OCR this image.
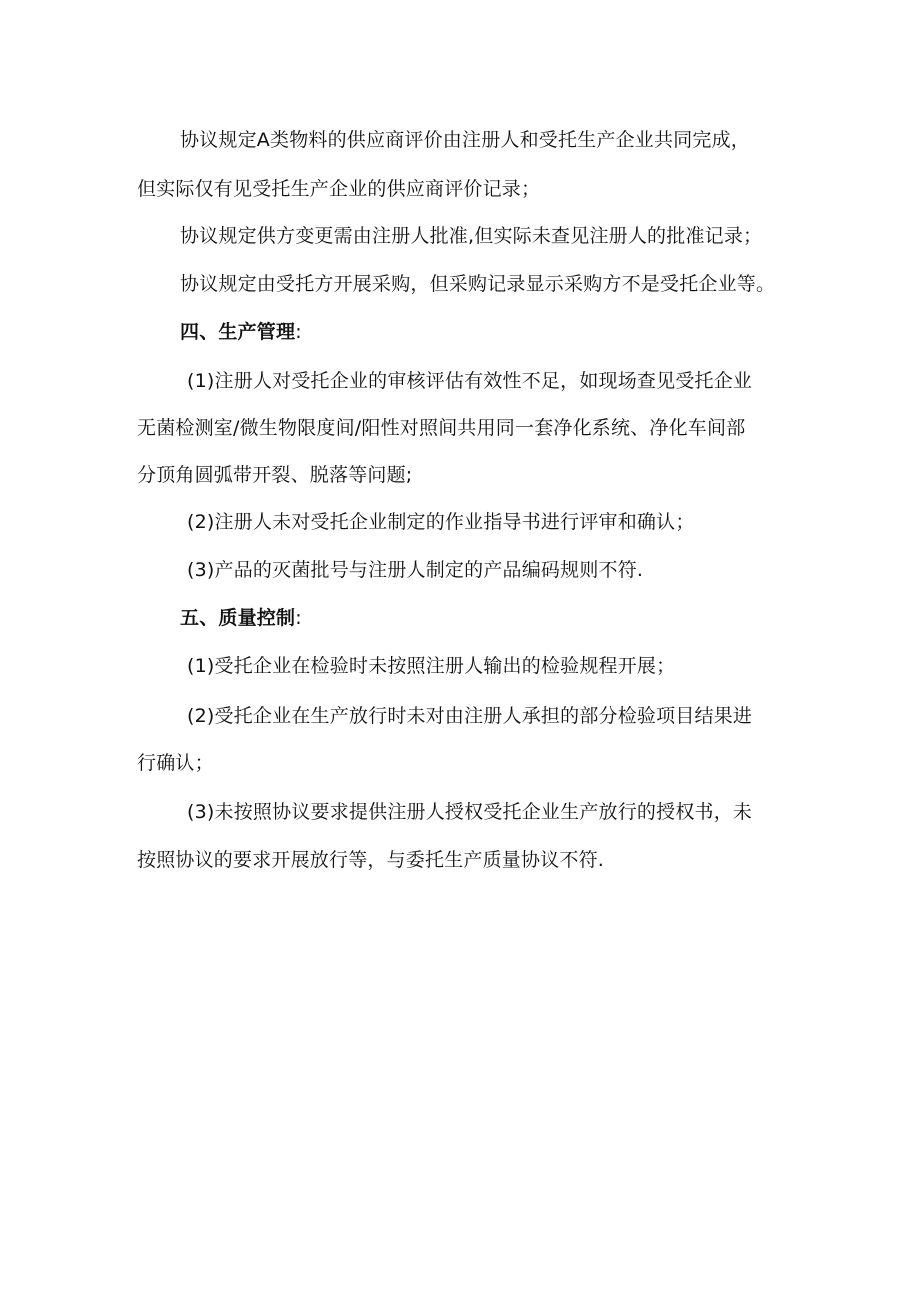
协议规定A类物料的供应商评价由注册人和受托生产企业共同完成，
但实际仅有见受托生产企业的供应商评价记录；
协议规定供方变更需由注册人批准,但实际未查见注册人的批准记录；
协议规定由受托方开展采购，但采购记录显示采购方不是受托企业等。
四、生产管理:
(1)注册人对受托企业的审核评估有效性不足，如现场查见受托企业
无菌检测室/微生物限度间/阳性对照间共用同一套净化系统、净化车间部
分顶角圆弧带开裂、脱落等问题;
(2)注册人未对受托企业制定的作业指导书进行评审和确认；
(3)产品的灭菌批号与注册人制定的产品编码规则不符.
五、质量控制:
(1)受托企业在检验时未按照注册人输出的检验规程开展；
(2)受托企业在生产放行时未对由注册人承担的部分检验项目结果进
行确认；
(3)未按照协议要求提供注册人授权受托企业生产放行的授权书，未
按照协议的要求开展放行等，与委托生产质量协议不符.
